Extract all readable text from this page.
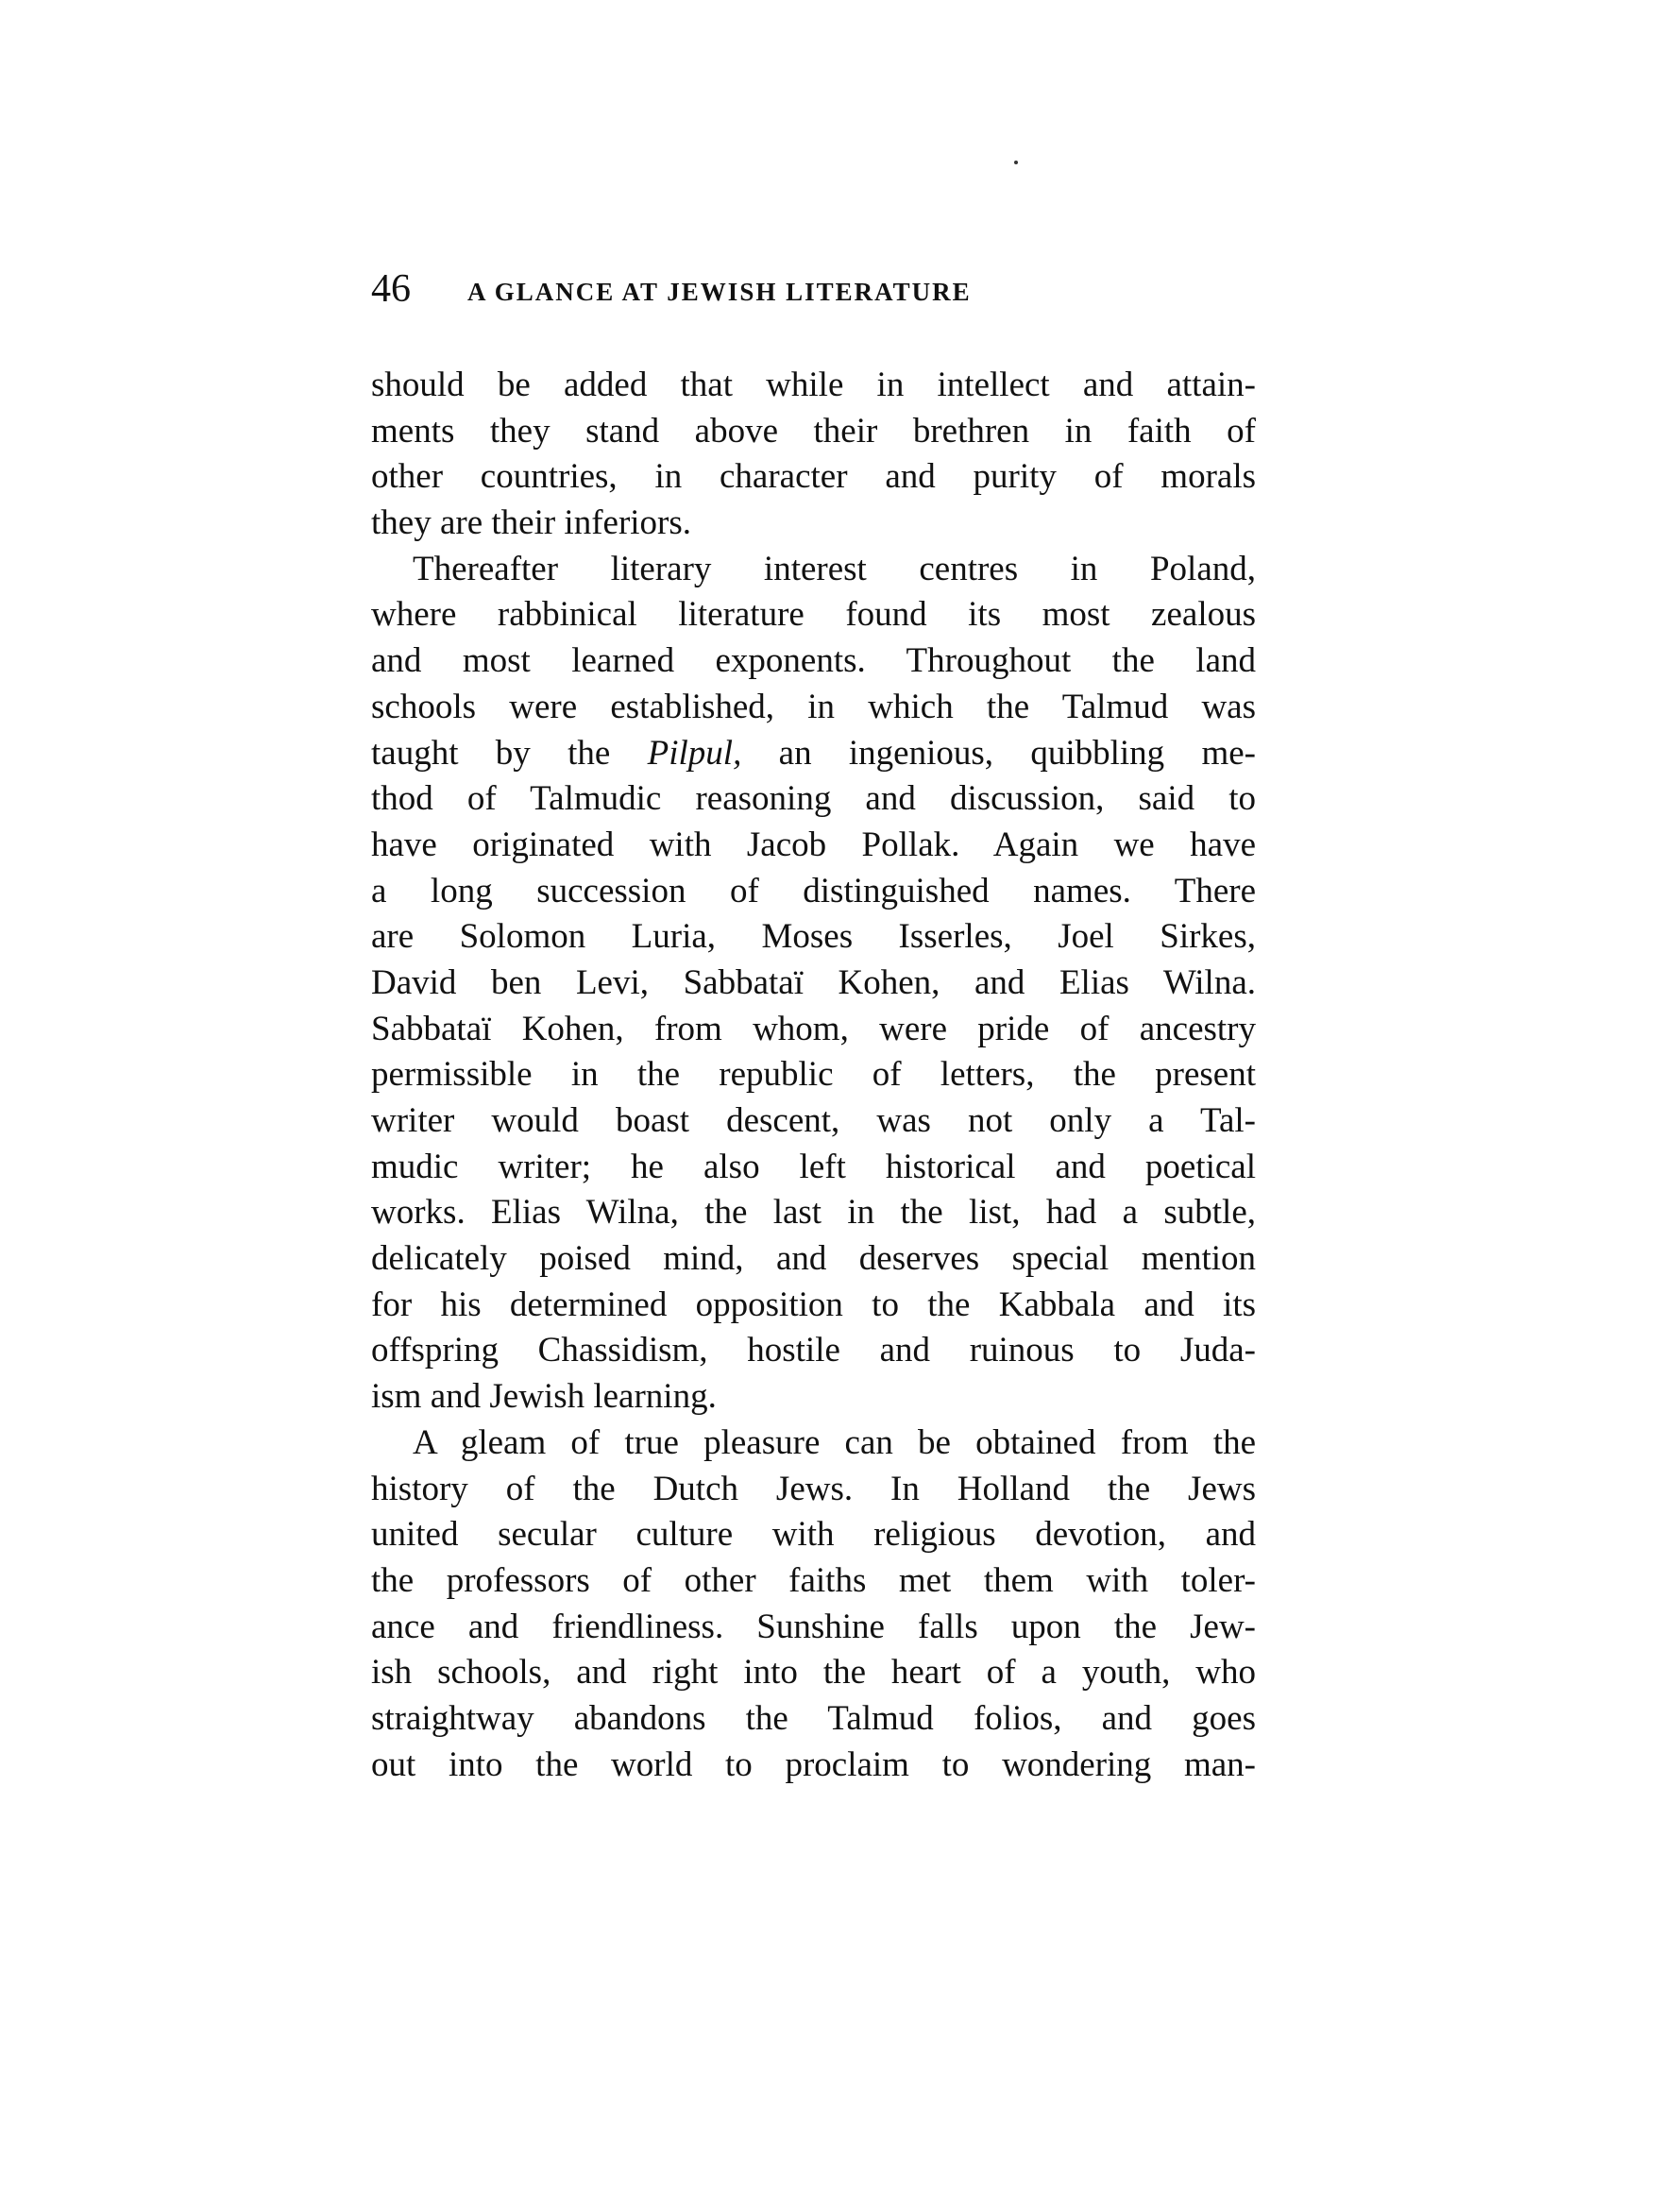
46 A GLANCE AT JEWISH LITERATURE
should be added that while in intellect and attain-
ments they stand above their brethren in faith of
other countries, in character and purity of morals
they are their inferiors.
Thereafter literary interest centres in Poland,
where rabbinical literature found its most zealous
and most learned exponents. Throughout the land
schools were established, in which the Talmud was
taught by the Pilpul, an ingenious, quibbling me-
thod of Talmudic reasoning and discussion, said to
have originated with Jacob Pollak. Again we have
a long succession of distinguished names. There
are Solomon Luria, Moses Isserles, Joel Sirkes,
David ben Levi, Sabbataï Kohen, and Elias Wilna.
Sabbataï Kohen, from whom, were pride of ancestry
permissible in the republic of letters, the present
writer would boast descent, was not only a Tal-
mudic writer; he also left historical and poetical
works. Elias Wilna, the last in the list, had a subtle,
delicately poised mind, and deserves special mention
for his determined opposition to the Kabbala and its
offspring Chassidism, hostile and ruinous to Juda-
ism and Jewish learning.
A gleam of true pleasure can be obtained from the
history of the Dutch Jews. In Holland the Jews
united secular culture with religious devotion, and
the professors of other faiths met them with toler-
ance and friendliness. Sunshine falls upon the Jew-
ish schools, and right into the heart of a youth, who
straightway abandons the Talmud folios, and goes
out into the world to proclaim to wondering man-
